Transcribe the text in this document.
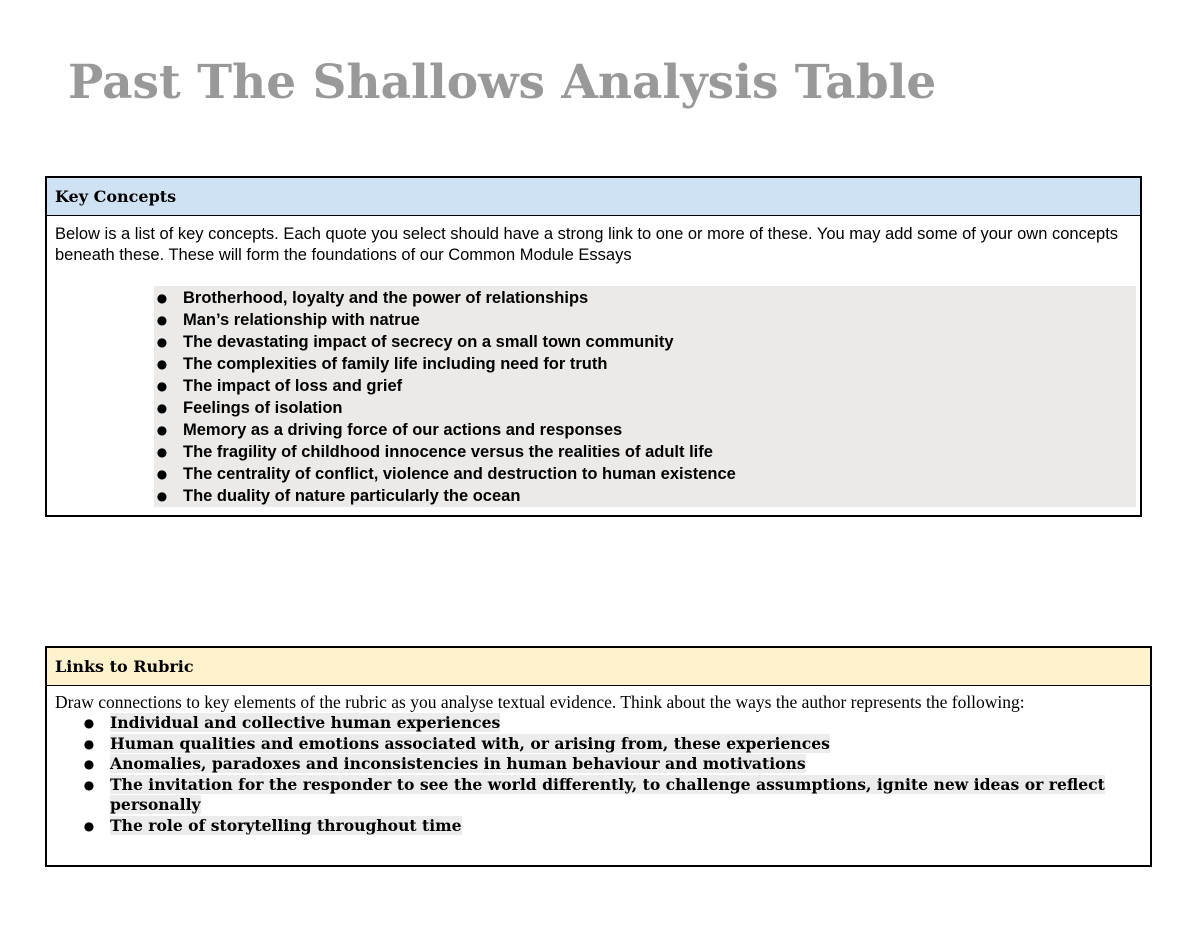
Past The Shallows Analysis Table
Key Concepts
Below is a list of key concepts. Each quote you select should have a strong link to one or more of these. You may add some of your own concepts beneath these. These will form the foundations of our Common Module Essays
● Brotherhood, loyalty and the power of relationships
● Man’s relationship with natrue
● The devastating impact of secrecy on a small town community
● The complexities of family life including need for truth
● The impact of loss and grief
● Feelings of isolation
● Memory as a driving force of our actions and responses
● The fragility of childhood innocence versus the realities of adult life
● The centrality of conflict, violence and destruction to human existence
● The duality of nature particularly the ocean
Links to Rubric
Draw connections to key elements of the rubric as you analyse textual evidence. Think about the ways the author represents the following:
● Individual and collective human experiences
● Human qualities and emotions associated with, or arising from, these experiences
● Anomalies, paradoxes and inconsistencies in human behaviour and motivations
● The invitation for the responder to see the world differently, to challenge assumptions, ignite new ideas or reflect personally
● The role of storytelling throughout time
